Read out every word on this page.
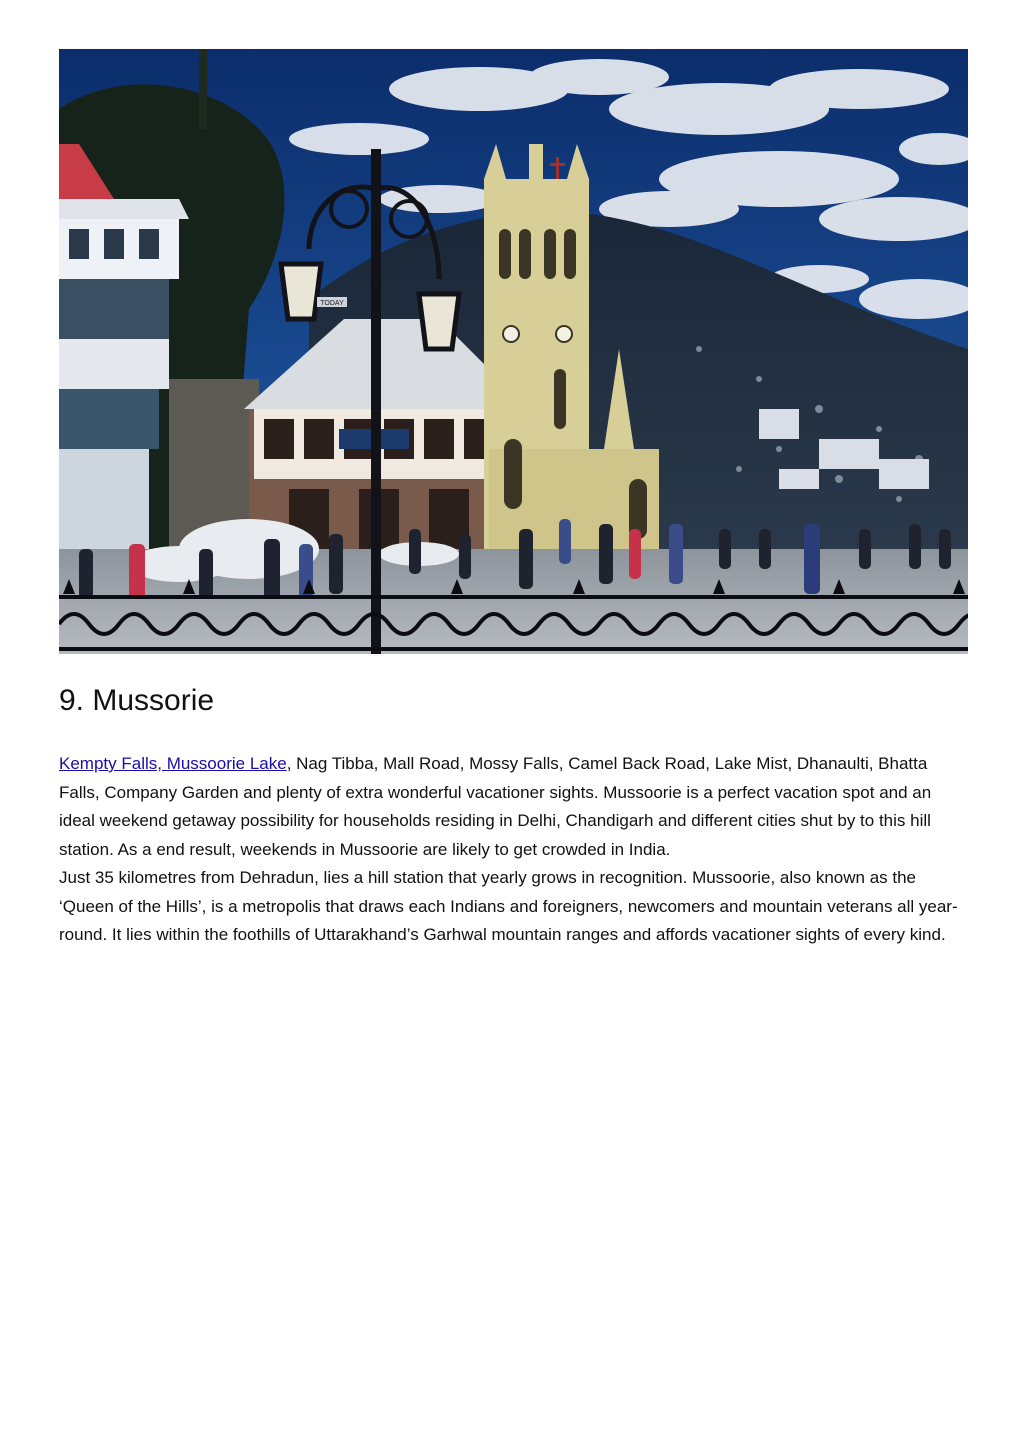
TODAY
9. Mussorie

Kempty Falls, Mussoorie Lake, Nag Tibba, Mall Road, Mossy Falls, Camel Back Road, Lake Mist, Dhanaulti, Bhatta Falls, Company Garden and plenty of extra wonderful vacationer sights. Mussoorie is a perfect vacation spot and an ideal weekend getaway possibility for households residing in Delhi, Chandigarh and different cities shut by to this hill station. As a end result, weekends in Mussoorie are likely to get crowded in India.

Just 35 kilometres from Dehradun, lies a hill station that yearly grows in recognition. Mussoorie, also known as the ‘Queen of the Hills’, is a metropolis that draws each Indians and foreigners, newcomers and mountain veterans all year-round. It lies within the foothills of Uttarakhand’s Garhwal mountain ranges and affords vacationer sights of every kind.
